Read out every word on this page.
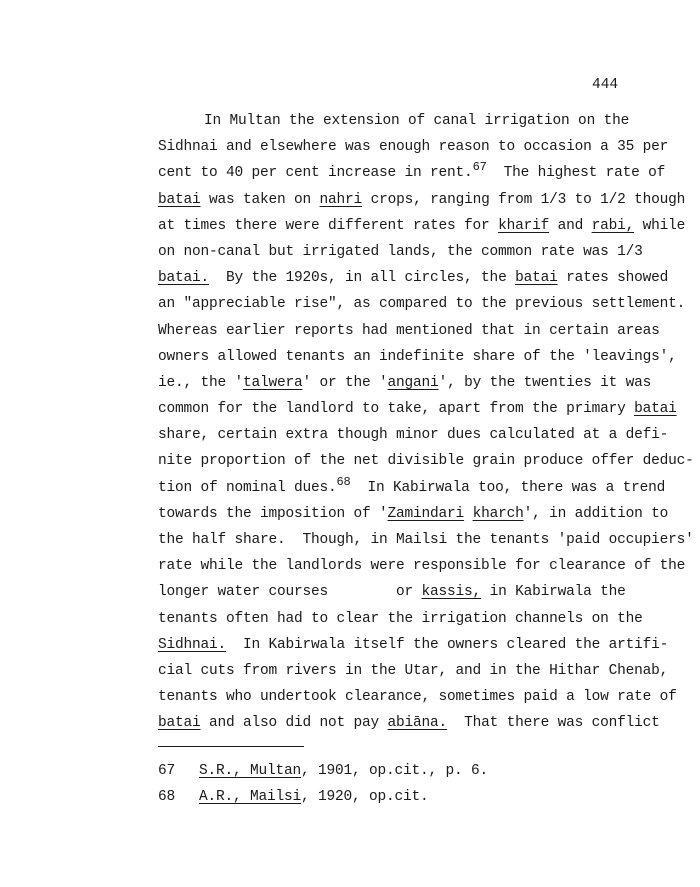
444
In Multan the extension of canal irrigation on the
Sidhnai and elsewhere was enough reason to occasion a 35 per
cent to 40 per cent increase in rent.$^{67}$  The highest rate of
batai was taken on nahri crops, ranging from 1/3 to 1/2 though
at times there were different rates for kharif and rabi, while
on non-canal but irrigated lands, the common rate was 1/3
batai.  By the 1920s, in all circles, the batai rates showed
an "appreciable rise", as compared to the previous settlement.
Whereas earlier reports had mentioned that in certain areas
owners allowed tenants an indefinite share of the 'leavings',
ie., the 'talwera' or the 'angani', by the twenties it was
common for the landlord to take, apart from the primary batai
share, certain extra though minor dues calculated at a defi-
nite proportion of the net divisible grain produce offer deduc-
tion of nominal dues.$^{68}$  In Kabirwala too, there was a trend
towards the imposition of 'Zamindari kharch', in addition to
the half share.  Though, in Mailsi the tenants 'paid occupiers'
rate while the landlords were responsible for clearance of the
longer water courses        or kassis, in Kabirwala the
tenants often had to clear the irrigation channels on the
Sidhnai.  In Kabirwala itself the owners cleared the artifi-
cial cuts from rivers in the Utar, and in the Hithar Chenab,
tenants who undertook clearance, sometimes paid a low rate of
batai and also did not pay abiāna.  That there was conflict
67 S.R., Multan, 1901, op.cit., p. 6.
68 A.R., Mailsi, 1920, op.cit.
